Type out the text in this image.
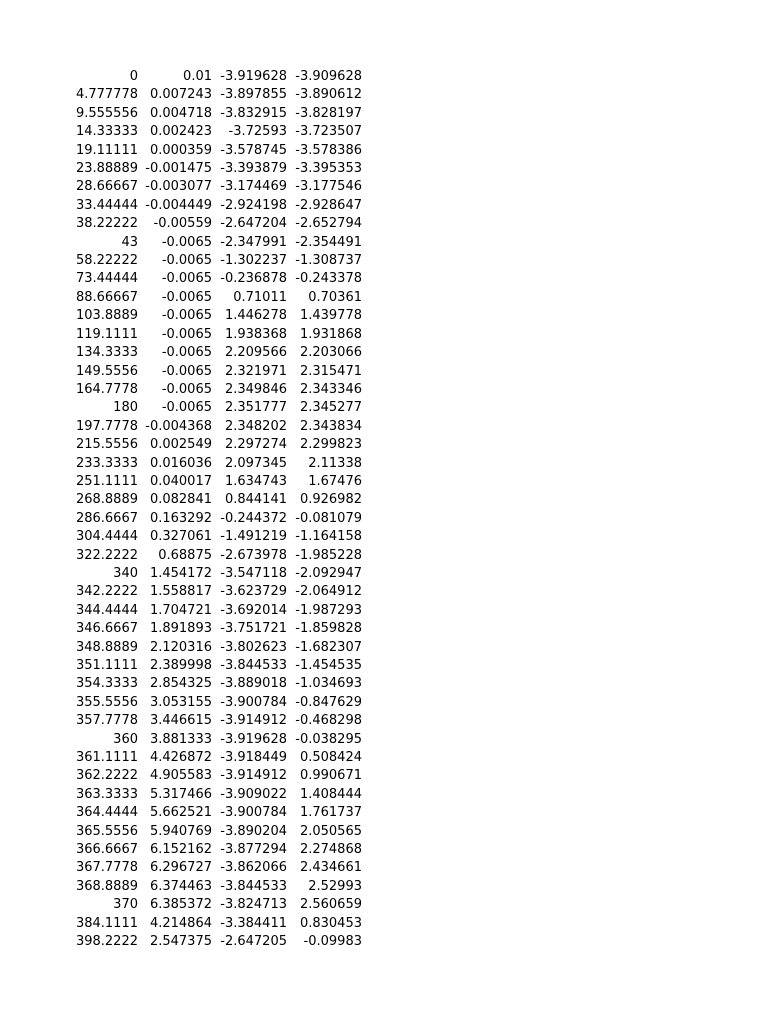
0	0.01	-3.919628	-3.909628
4.777778	0.007243	-3.897855	-3.890612
9.555556	0.004718	-3.832915	-3.828197
14.33333	0.002423	-3.72593	-3.723507
19.11111	0.000359	-3.578745	-3.578386
23.88889	-0.001475	-3.393879	-3.395353
28.66667	-0.003077	-3.174469	-3.177546
33.44444	-0.004449	-2.924198	-2.928647
38.22222	-0.00559	-2.647204	-2.652794
43	-0.0065	-2.347991	-2.354491
58.22222	-0.0065	-1.302237	-1.308737
73.44444	-0.0065	-0.236878	-0.243378
88.66667	-0.0065	0.71011	0.70361
103.8889	-0.0065	1.446278	1.439778
119.1111	-0.0065	1.938368	1.931868
134.3333	-0.0065	2.209566	2.203066
149.5556	-0.0065	2.321971	2.315471
164.7778	-0.0065	2.349846	2.343346
180	-0.0065	2.351777	2.345277
197.7778	-0.004368	2.348202	2.343834
215.5556	0.002549	2.297274	2.299823
233.3333	0.016036	2.097345	2.11338
251.1111	0.040017	1.634743	1.67476
268.8889	0.082841	0.844141	0.926982
286.6667	0.163292	-0.244372	-0.081079
304.4444	0.327061	-1.491219	-1.164158
322.2222	0.68875	-2.673978	-1.985228
340	1.454172	-3.547118	-2.092947
342.2222	1.558817	-3.623729	-2.064912
344.4444	1.704721	-3.692014	-1.987293
346.6667	1.891893	-3.751721	-1.859828
348.8889	2.120316	-3.802623	-1.682307
351.1111	2.389998	-3.844533	-1.454535
354.3333	2.854325	-3.889018	-1.034693
355.5556	3.053155	-3.900784	-0.847629
357.7778	3.446615	-3.914912	-0.468298
360	3.881333	-3.919628	-0.038295
361.1111	4.426872	-3.918449	0.508424
362.2222	4.905583	-3.914912	0.990671
363.3333	5.317466	-3.909022	1.408444
364.4444	5.662521	-3.900784	1.761737
365.5556	5.940769	-3.890204	2.050565
366.6667	6.152162	-3.877294	2.274868
367.7778	6.296727	-3.862066	2.434661
368.8889	6.374463	-3.844533	2.52993
370	6.385372	-3.824713	2.560659
384.1111	4.214864	-3.384411	0.830453
398.2222	2.547375	-2.647205	-0.09983
